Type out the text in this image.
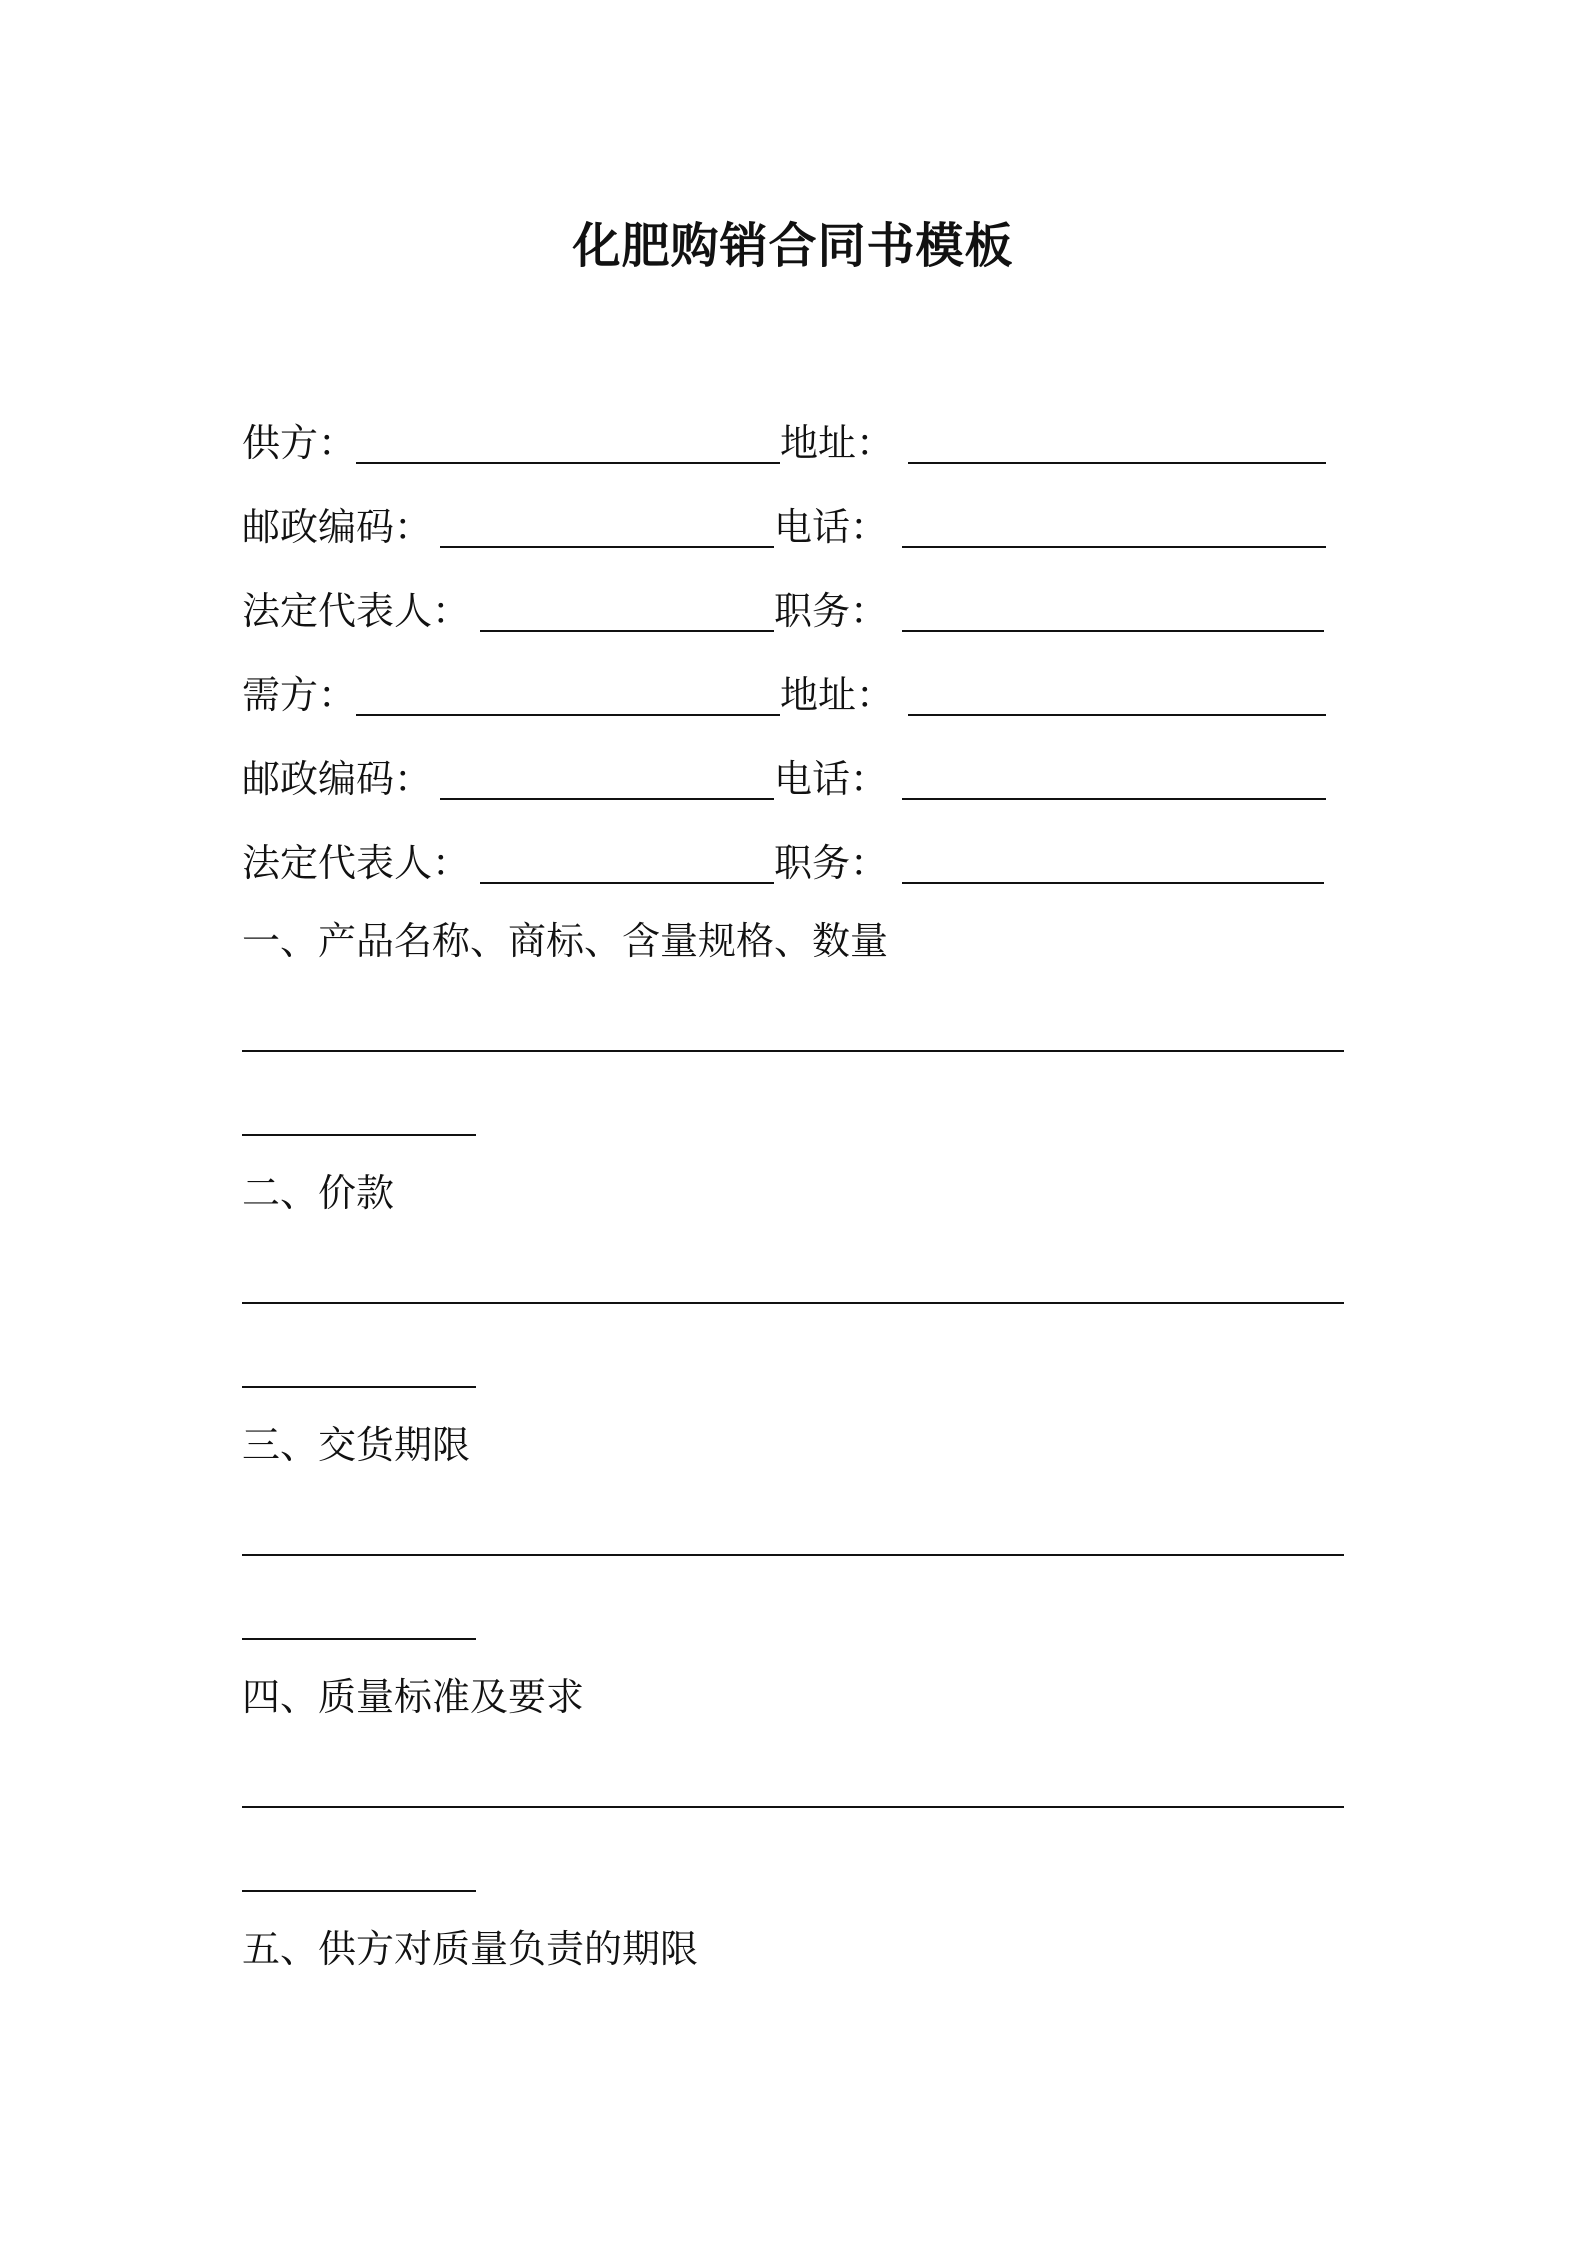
化肥购销合同书模板
供方：	地址：
邮政编码：	电话：
法定代表人：	职务：
需方：	地址：
邮政编码：	电话：
法定代表人：	职务：
一、产品名称、商标、含量规格、数量
二、价款
三、交货期限
四、质量标准及要求
五、供方对质量负责的期限
